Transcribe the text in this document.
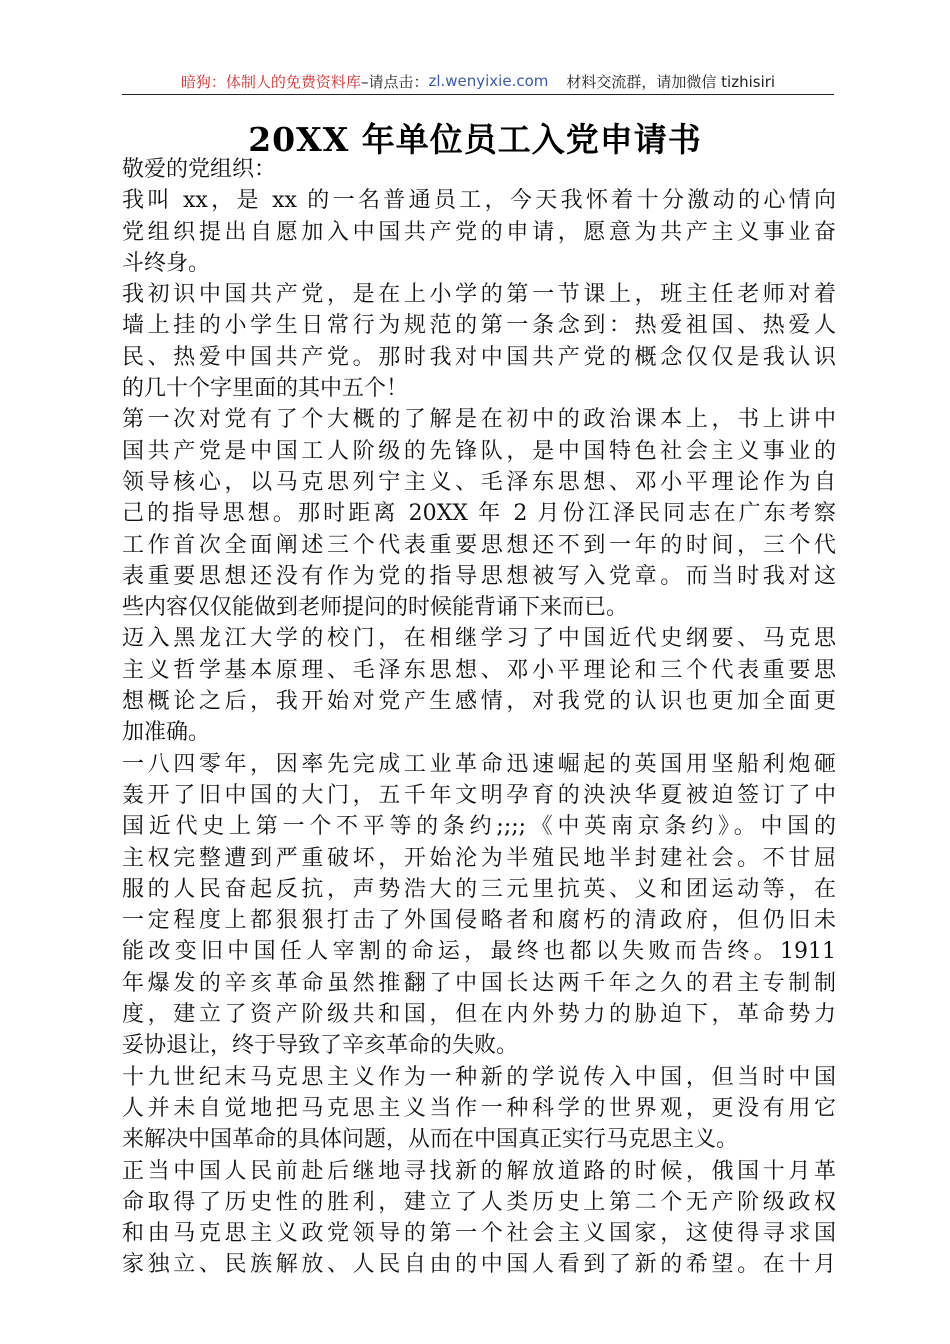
暗狗：体制人的免费资料库 –请点击： zl.wenyixie.com 材料交流群，请加微信 tizhisiri
20XX 年单位员工入党申请书
敬爱的党组织：
我叫 xx，是 xx 的一名普通员工，今天我怀着十分激动的心情向
党组织提出自愿加入中国共产党的申请，愿意为共产主义事业奋
斗终身。
我初识中国共产党，是在上小学的第一节课上，班主任老师对着
墙上挂的小学生日常行为规范的第一条念到：热爱祖国、热爱人
民、热爱中国共产党。那时我对中国共产党的概念仅仅是我认识
的几十个字里面的其中五个！
第一次对党有了个大概的了解是在初中的政治课本上，书上讲中
国共产党是中国工人阶级的先锋队，是中国特色社会主义事业的
领导核心，以马克思列宁主义、毛泽东思想、邓小平理论作为自
己的指导思想。那时距离 20XX 年 2 月份江泽民同志在广东考察
工作首次全面阐述三个代表重要思想还不到一年的时间，三个代
表重要思想还没有作为党的指导思想被写入党章。而当时我对这
些内容仅仅能做到老师提问的时候能背诵下来而已。
迈入黑龙江大学的校门，在相继学习了中国近代史纲要、马克思
主义哲学基本原理、毛泽东思想、邓小平理论和三个代表重要思
想概论之后，我开始对党产生感情，对我党的认识也更加全面更
加准确。
一八四零年，因率先完成工业革命迅速崛起的英国用坚船利炮砸
轰开了旧中国的大门，五千年文明孕育的泱泱华夏被迫签订了中
国近代史上第一个不平等的条约;;;;《中英南京条约》。中国的
主权完整遭到严重破坏，开始沦为半殖民地半封建社会。不甘屈
服的人民奋起反抗，声势浩大的三元里抗英、义和团运动等，在
一定程度上都狠狠打击了外国侵略者和腐朽的清政府，但仍旧未
能改变旧中国任人宰割的命运，最终也都以失败而告终。1911
年爆发的辛亥革命虽然推翻了中国长达两千年之久的君主专制制
度，建立了资产阶级共和国，但在内外势力的胁迫下，革命势力
妥协退让，终于导致了辛亥革命的失败。
十九世纪末马克思主义作为一种新的学说传入中国，但当时中国
人并未自觉地把马克思主义当作一种科学的世界观，更没有用它
来解决中国革命的具体问题，从而在中国真正实行马克思主义。
正当中国人民前赴后继地寻找新的解放道路的时候，俄国十月革
命取得了历史性的胜利，建立了人类历史上第二个无产阶级政权
和由马克思主义政党领导的第一个社会主义国家，这使得寻求国
家独立、民族解放、人民自由的中国人看到了新的希望。在十月
